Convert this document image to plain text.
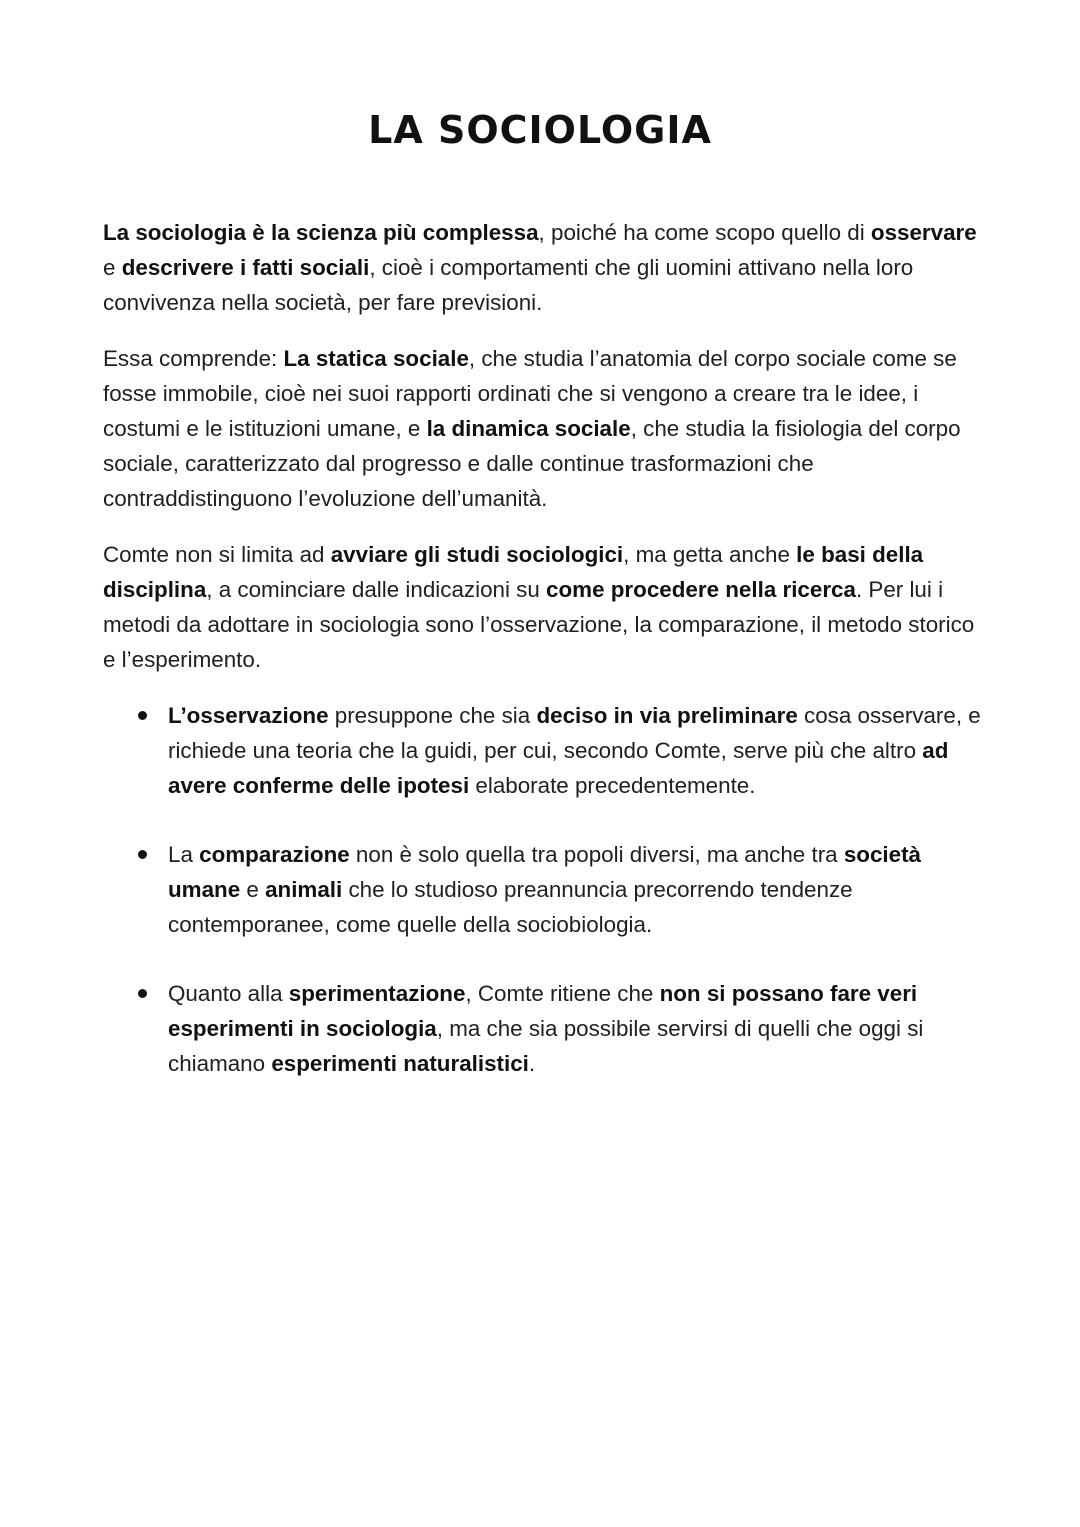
LA SOCIOLOGIA

La sociologia è la scienza più complessa, poiché ha come scopo quello di osservare e descrivere i fatti sociali, cioè i comportamenti che gli uomini attivano nella loro convivenza nella società, per fare previsioni.

Essa comprende: La statica sociale, che studia l’anatomia del corpo sociale come se fosse immobile, cioè nei suoi rapporti ordinati che si vengono a creare tra le idee, i costumi e le istituzioni umane, e la dinamica sociale, che studia la fisiologia del corpo sociale, caratterizzato dal progresso e dalle continue trasformazioni che contraddistinguono l’evoluzione dell’umanità.

Comte non si limita ad avviare gli studi sociologici, ma getta anche le basi della disciplina, a cominciare dalle indicazioni su come procedere nella ricerca. Per lui i metodi da adottare in sociologia sono l’osservazione, la comparazione, il metodo storico e l’esperimento.

L’osservazione presuppone che sia deciso in via preliminare cosa osservare, e richiede una teoria che la guidi, per cui, secondo Comte, serve più che altro ad avere conferme delle ipotesi elaborate precedentemente.
La comparazione non è solo quella tra popoli diversi, ma anche tra società umane e animali che lo studioso preannuncia precorrendo tendenze contemporanee, come quelle della sociobiologia.
Quanto alla sperimentazione, Comte ritiene che non si possano fare veri esperimenti in sociologia, ma che sia possibile servirsi di quelli che oggi si chiamano esperimenti naturalistici.
